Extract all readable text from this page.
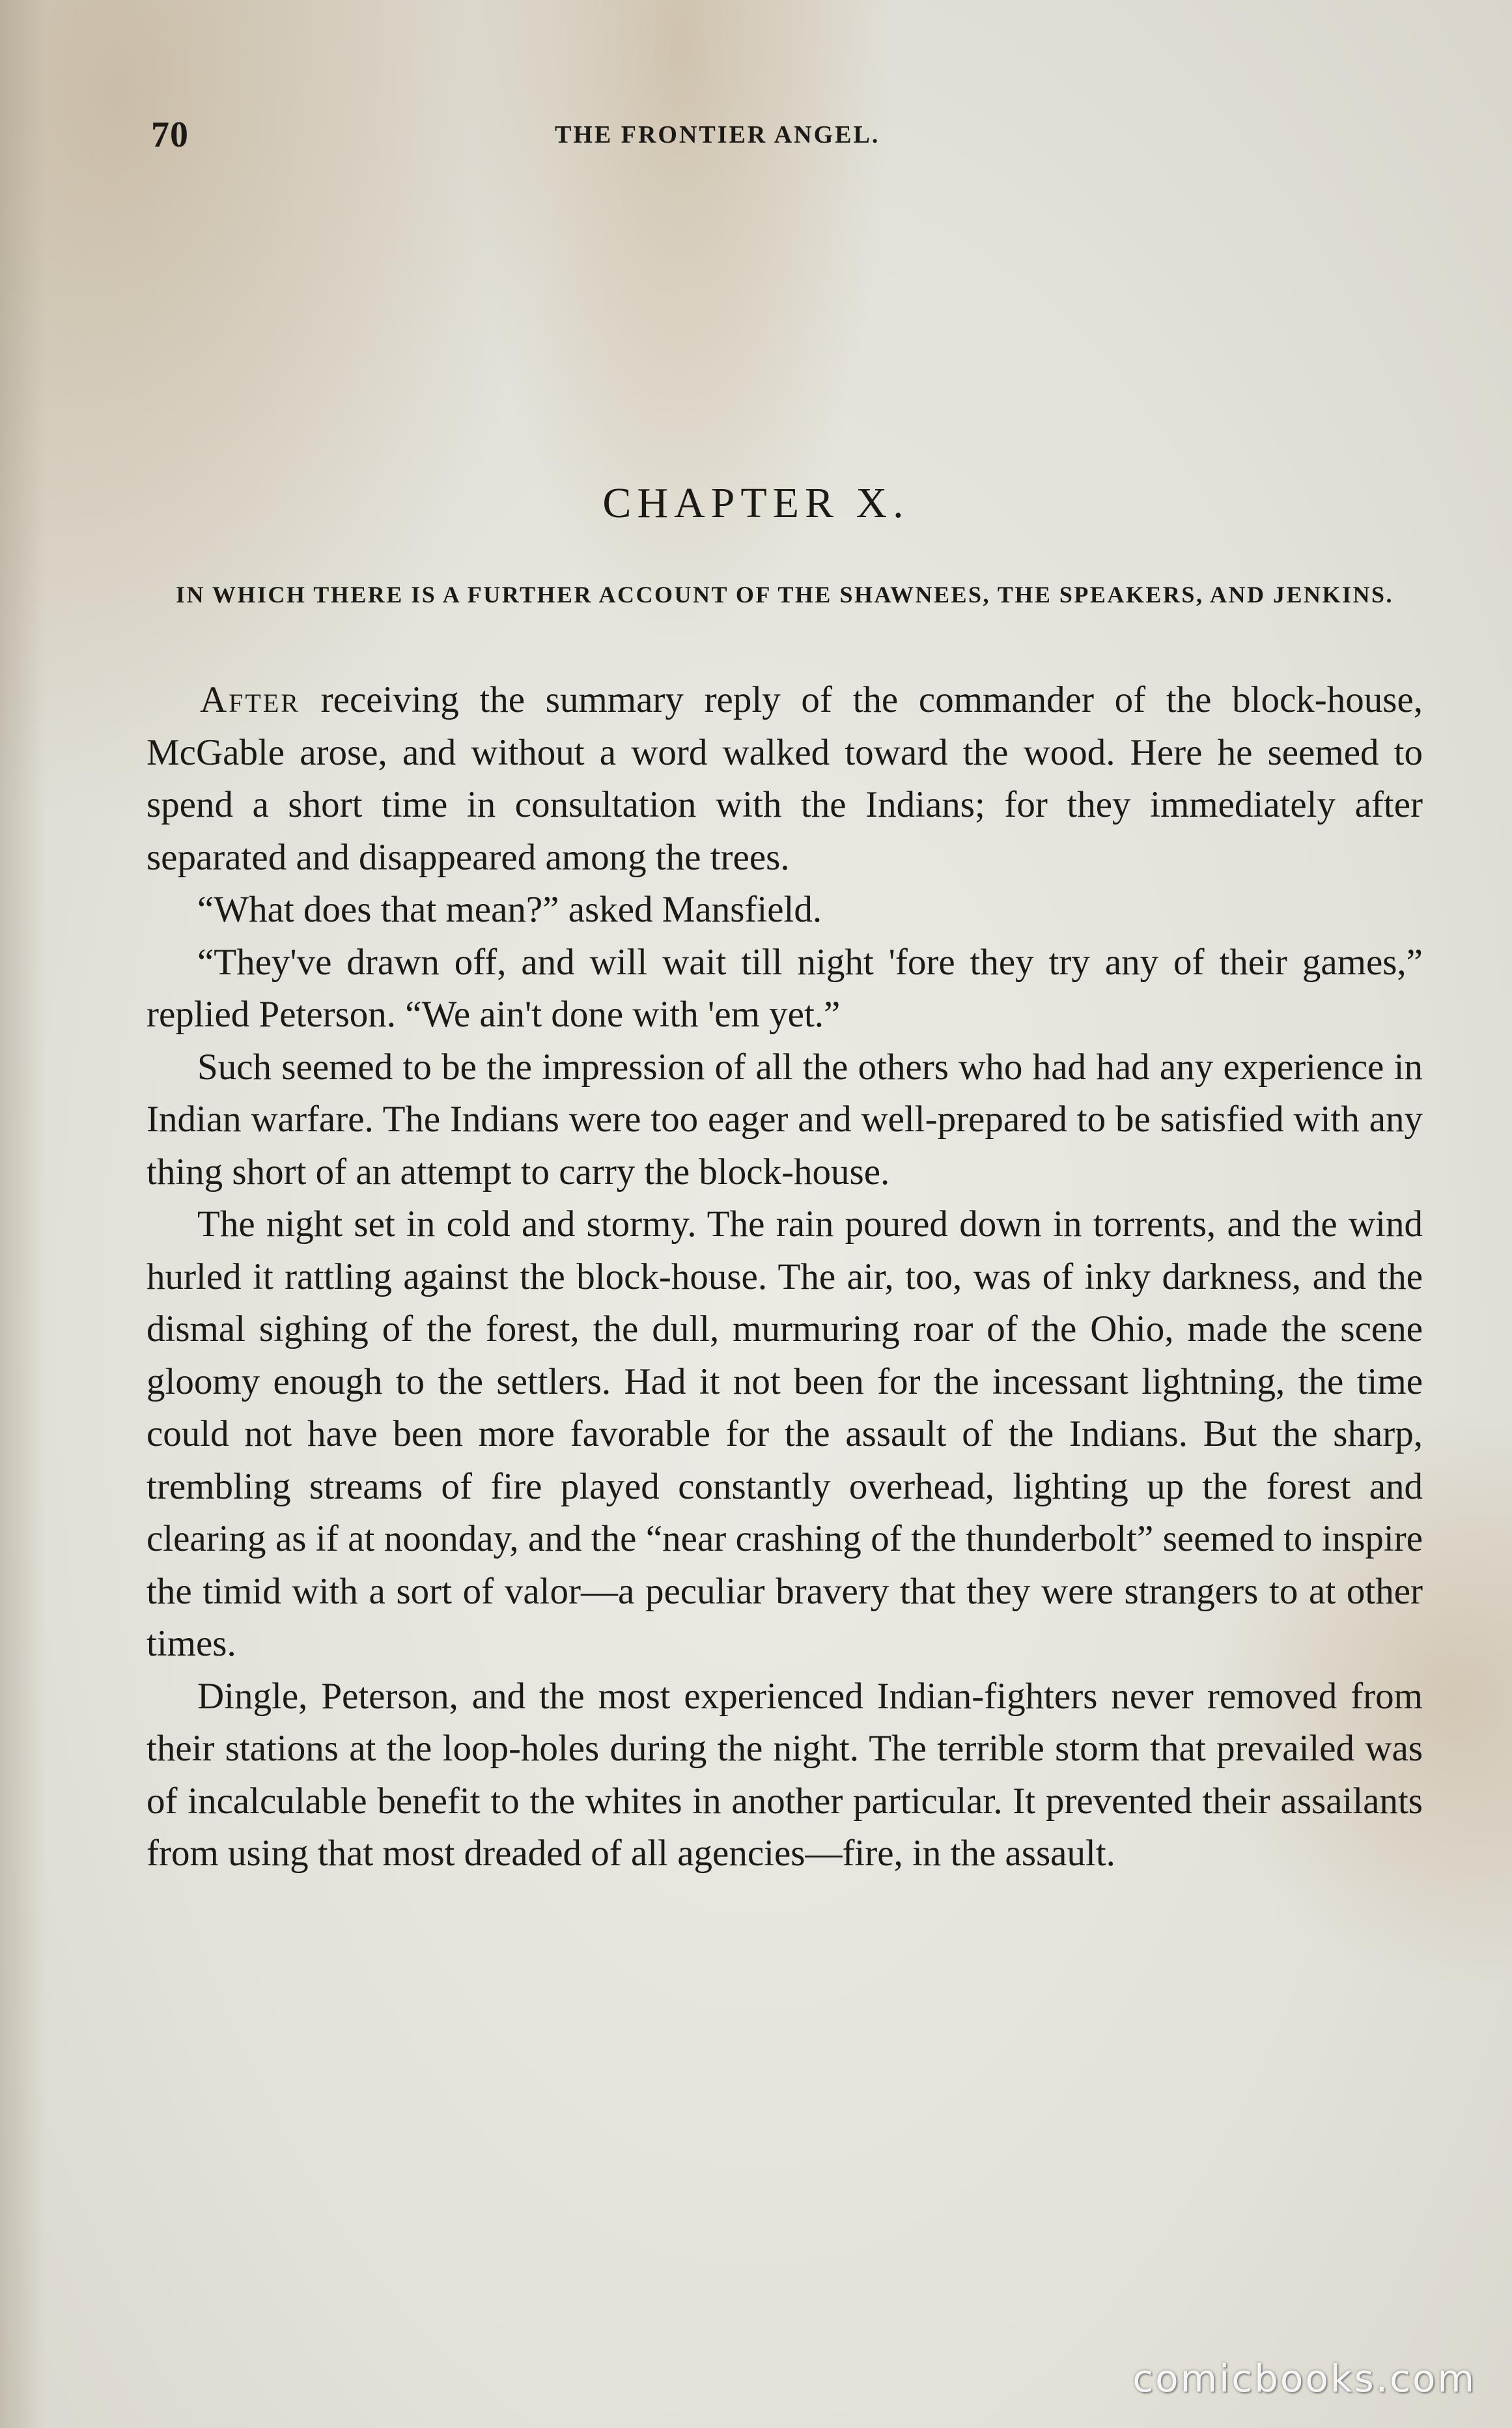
70	THE FRONTIER ANGEL.
CHAPTER X.
IN WHICH THERE IS A FURTHER ACCOUNT OF THE SHAWNEES, THE SPEAKERS, AND JENKINS.

After receiving the summary reply of the commander of the block-house, McGable arose, and without a word walked toward the wood. Here he seemed to spend a short time in consultation with the Indians; for they immediately after separated and disappeared among the trees.

“What does that mean?” asked Mansfield.

“They've drawn off, and will wait till night 'fore they try any of their games,” replied Peterson. “We ain't done with 'em yet.”

Such seemed to be the impression of all the others who had had any experience in Indian warfare. The Indians were too eager and well-prepared to be satisfied with any thing short of an attempt to carry the block-house.

The night set in cold and stormy. The rain poured down in torrents, and the wind hurled it rattling against the block-house. The air, too, was of inky darkness, and the dismal sighing of the forest, the dull, murmuring roar of the Ohio, made the scene gloomy enough to the settlers. Had it not been for the incessant lightning, the time could not have been more favorable for the assault of the Indians. But the sharp, trembling streams of fire played constantly overhead, lighting up the forest and clearing as if at noonday, and the “near crashing of the thunderbolt” seemed to inspire the timid with a sort of valor—a peculiar bravery that they were strangers to at other times.

Dingle, Peterson, and the most experienced Indian-fighters never removed from their stations at the loop-holes during the night. The terrible storm that prevailed was of incalculable benefit to the whites in another particular. It prevented their assailants from using that most dreaded of all agencies—fire, in the assault.

comicbooks.com
